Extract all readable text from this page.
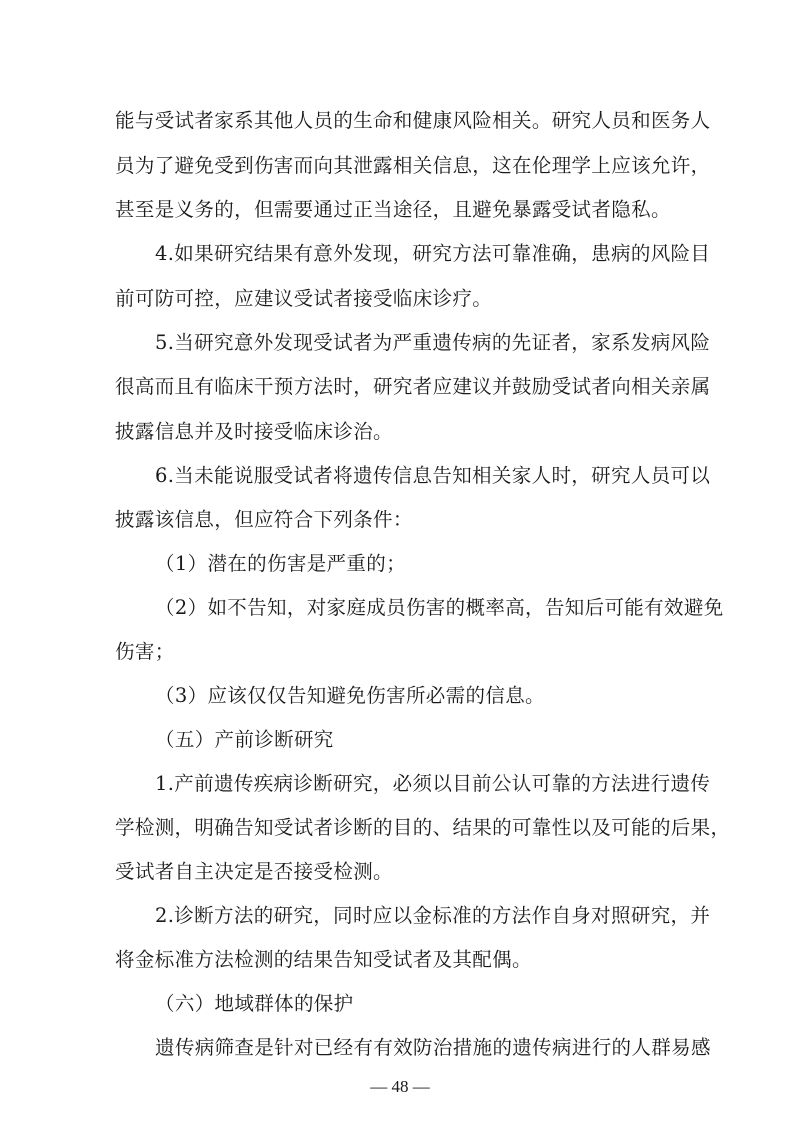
能与受试者家系其他人员的生命和健康风险相关。研究人员和医务人
员为了避免受到伤害而向其泄露相关信息，这在伦理学上应该允许，
甚至是义务的，但需要通过正当途径，且避免暴露受试者隐私。
4.如果研究结果有意外发现，研究方法可靠准确，患病的风险目
前可防可控，应建议受试者接受临床诊疗。
5.当研究意外发现受试者为严重遗传病的先证者，家系发病风险
很高而且有临床干预方法时，研究者应建议并鼓励受试者向相关亲属
披露信息并及时接受临床诊治。
6.当未能说服受试者将遗传信息告知相关家人时，研究人员可以
披露该信息，但应符合下列条件：
（1）潜在的伤害是严重的；
（2）如不告知，对家庭成员伤害的概率高，告知后可能有效避免
伤害；
（3）应该仅仅告知避免伤害所必需的信息。
（五）产前诊断研究
1.产前遗传疾病诊断研究，必须以目前公认可靠的方法进行遗传
学检测，明确告知受试者诊断的目的、结果的可靠性以及可能的后果，
受试者自主决定是否接受检测。
2.诊断方法的研究，同时应以金标准的方法作自身对照研究，并
将金标准方法检测的结果告知受试者及其配偶。
（六）地域群体的保护
— 48 —
遗传病筛查是针对已经有有效防治措施的遗传病进行的人群易感
